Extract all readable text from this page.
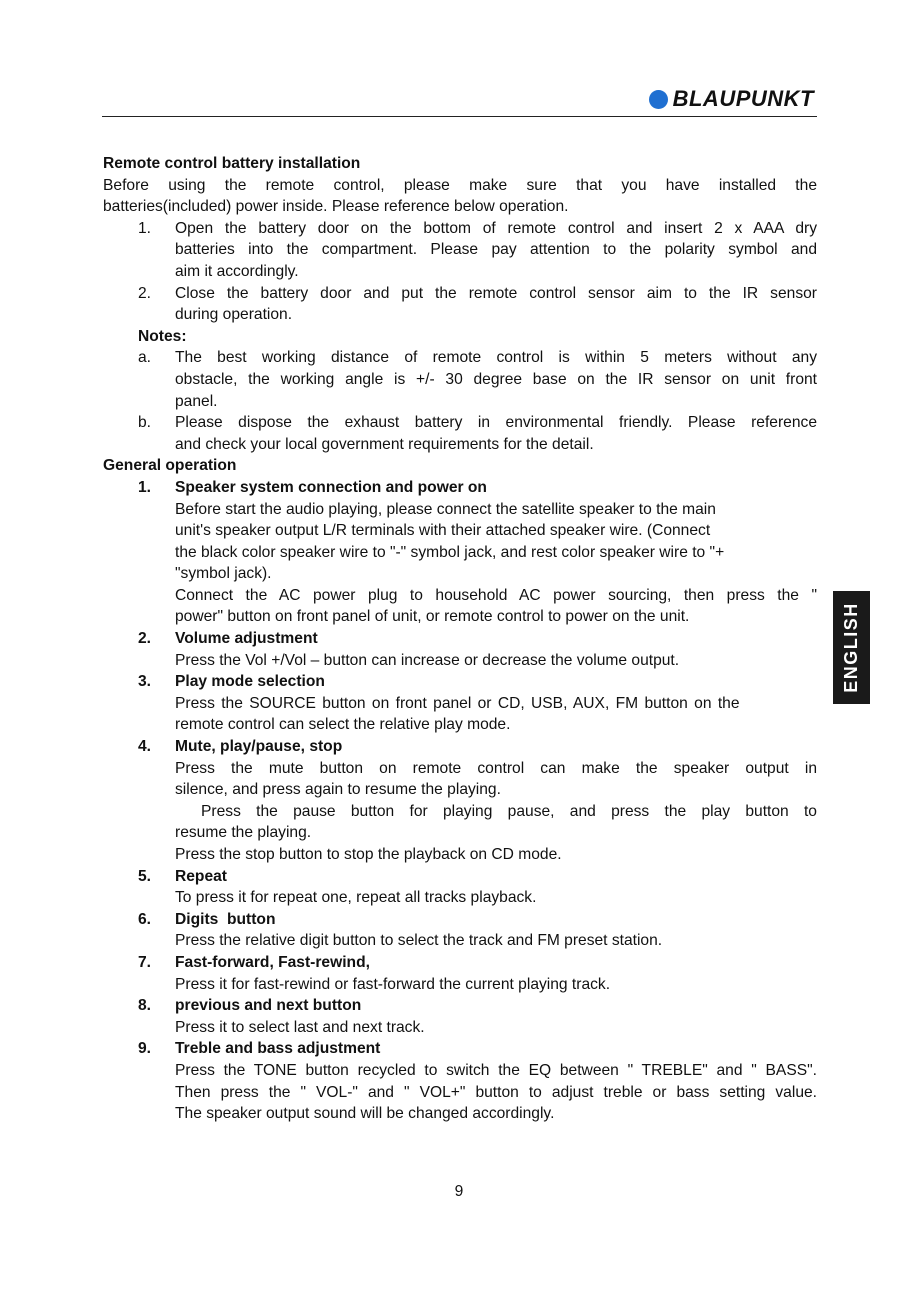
BLAUPUNKT
Remote control battery installation
Before using the remote control, please make sure that you have installed the
batteries(included) power inside. Please reference below operation.
1.	Open the battery door on the bottom of remote control and insert 2 x AAA dry
batteries into the compartment. Please pay attention to the polarity symbol and
aim it accordingly.
2.	Close the battery door and put the remote control sensor aim to the IR sensor
during operation.
Notes:
a.	The best working distance of remote control is within 5 meters without any
obstacle, the working angle is +/- 30 degree base on the IR sensor on unit front
panel.
b.	Please dispose the exhaust battery in environmental friendly. Please reference
and check your local government requirements for the detail.
General operation
1.	Speaker system connection and power on
Before start the audio playing, please connect the satellite speaker to the main
unit's speaker output L/R terminals with their attached speaker wire. (Connect
the black color speaker wire to "-" symbol jack, and rest color speaker wire to "+
"symbol jack).
Connect the AC power plug to household AC power sourcing, then press the "
power" button on front panel of unit, or remote control to power on the unit.
2.	Volume adjustment
Press the Vol +/Vol – button can increase or decrease the volume output.
3.	Play mode selection
Press the SOURCE button on front panel or CD, USB, AUX, FM button on the
remote control can select the relative play mode.
4.	Mute, play/pause, stop
Press the mute button on remote control can make the speaker output in
silence, and press again to resume the playing.
Press the pause button for playing pause, and press the play button to
resume the playing.
Press the stop button to stop the playback on CD mode.
5.	Repeat
To press it for repeat one, repeat all tracks playback.
6.	Digits  button
Press the relative digit button to select the track and FM preset station.
7.	Fast-forward, Fast-rewind,
Press it for fast-rewind or fast-forward the current playing track.
8.	previous and next button
Press it to select last and next track.
9.	Treble and bass adjustment
Press the TONE button recycled to switch the EQ between " TREBLE" and " BASS".
Then press the " VOL-" and " VOL+" button to adjust treble or bass setting value.
The speaker output sound will be changed accordingly.
ENGLISH
9
